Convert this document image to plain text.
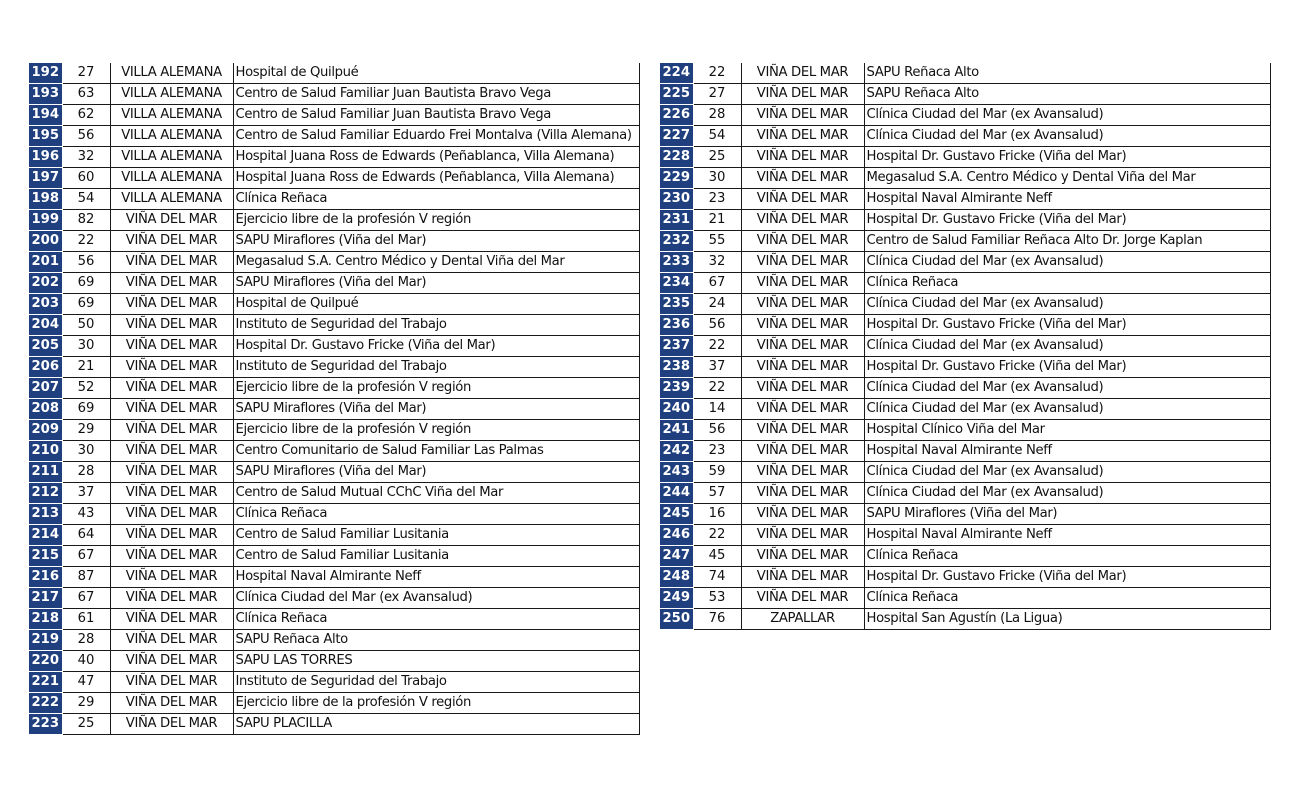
192	27	VILLA ALEMANA	Hospital de Quilpué
193	63	VILLA ALEMANA	Centro de Salud Familiar Juan Bautista Bravo Vega
194	62	VILLA ALEMANA	Centro de Salud Familiar Juan Bautista Bravo Vega
195	56	VILLA ALEMANA	Centro de Salud Familiar Eduardo Frei Montalva (Villa Alemana)
196	32	VILLA ALEMANA	Hospital Juana Ross de Edwards (Peñablanca, Villa Alemana)
197	60	VILLA ALEMANA	Hospital Juana Ross de Edwards (Peñablanca, Villa Alemana)
198	54	VILLA ALEMANA	Clínica Reñaca
199	82	VIÑA DEL MAR	Ejercicio libre de la profesión V región
200	22	VIÑA DEL MAR	SAPU Miraflores (Viña del Mar)
201	56	VIÑA DEL MAR	Megasalud S.A. Centro Médico y Dental Viña del Mar
202	69	VIÑA DEL MAR	SAPU Miraflores (Viña del Mar)
203	69	VIÑA DEL MAR	Hospital de Quilpué
204	50	VIÑA DEL MAR	Instituto de Seguridad del Trabajo
205	30	VIÑA DEL MAR	Hospital Dr. Gustavo Fricke (Viña del Mar)
206	21	VIÑA DEL MAR	Instituto de Seguridad del Trabajo
207	52	VIÑA DEL MAR	Ejercicio libre de la profesión V región
208	69	VIÑA DEL MAR	SAPU Miraflores (Viña del Mar)
209	29	VIÑA DEL MAR	Ejercicio libre de la profesión V región
210	30	VIÑA DEL MAR	Centro Comunitario de Salud Familiar Las Palmas
211	28	VIÑA DEL MAR	SAPU Miraflores (Viña del Mar)
212	37	VIÑA DEL MAR	Centro de Salud Mutual CChC Viña del Mar
213	43	VIÑA DEL MAR	Clínica Reñaca
214	64	VIÑA DEL MAR	Centro de Salud Familiar Lusitania
215	67	VIÑA DEL MAR	Centro de Salud Familiar Lusitania
216	87	VIÑA DEL MAR	Hospital Naval Almirante Neff
217	67	VIÑA DEL MAR	Clínica Ciudad del Mar (ex Avansalud)
218	61	VIÑA DEL MAR	Clínica Reñaca
219	28	VIÑA DEL MAR	SAPU Reñaca Alto
220	40	VIÑA DEL MAR	SAPU LAS TORRES
221	47	VIÑA DEL MAR	Instituto de Seguridad del Trabajo
222	29	VIÑA DEL MAR	Ejercicio libre de la profesión V región
223	25	VIÑA DEL MAR	SAPU PLACILLA
224	22	VIÑA DEL MAR	SAPU Reñaca Alto
225	27	VIÑA DEL MAR	SAPU Reñaca Alto
226	28	VIÑA DEL MAR	Clínica Ciudad del Mar (ex Avansalud)
227	54	VIÑA DEL MAR	Clínica Ciudad del Mar (ex Avansalud)
228	25	VIÑA DEL MAR	Hospital Dr. Gustavo Fricke (Viña del Mar)
229	30	VIÑA DEL MAR	Megasalud S.A. Centro Médico y Dental Viña del Mar
230	23	VIÑA DEL MAR	Hospital Naval Almirante Neff
231	21	VIÑA DEL MAR	Hospital Dr. Gustavo Fricke (Viña del Mar)
232	55	VIÑA DEL MAR	Centro de Salud Familiar Reñaca Alto Dr. Jorge Kaplan
233	32	VIÑA DEL MAR	Clínica Ciudad del Mar (ex Avansalud)
234	67	VIÑA DEL MAR	Clínica Reñaca
235	24	VIÑA DEL MAR	Clínica Ciudad del Mar (ex Avansalud)
236	56	VIÑA DEL MAR	Hospital Dr. Gustavo Fricke (Viña del Mar)
237	22	VIÑA DEL MAR	Clínica Ciudad del Mar (ex Avansalud)
238	37	VIÑA DEL MAR	Hospital Dr. Gustavo Fricke (Viña del Mar)
239	22	VIÑA DEL MAR	Clínica Ciudad del Mar (ex Avansalud)
240	14	VIÑA DEL MAR	Clínica Ciudad del Mar (ex Avansalud)
241	56	VIÑA DEL MAR	Hospital Clínico Viña del Mar
242	23	VIÑA DEL MAR	Hospital Naval Almirante Neff
243	59	VIÑA DEL MAR	Clínica Ciudad del Mar (ex Avansalud)
244	57	VIÑA DEL MAR	Clínica Ciudad del Mar (ex Avansalud)
245	16	VIÑA DEL MAR	SAPU Miraflores (Viña del Mar)
246	22	VIÑA DEL MAR	Hospital Naval Almirante Neff
247	45	VIÑA DEL MAR	Clínica Reñaca
248	74	VIÑA DEL MAR	Hospital Dr. Gustavo Fricke (Viña del Mar)
249	53	VIÑA DEL MAR	Clínica Reñaca
250	76	ZAPALLAR	Hospital San Agustín (La Ligua)
